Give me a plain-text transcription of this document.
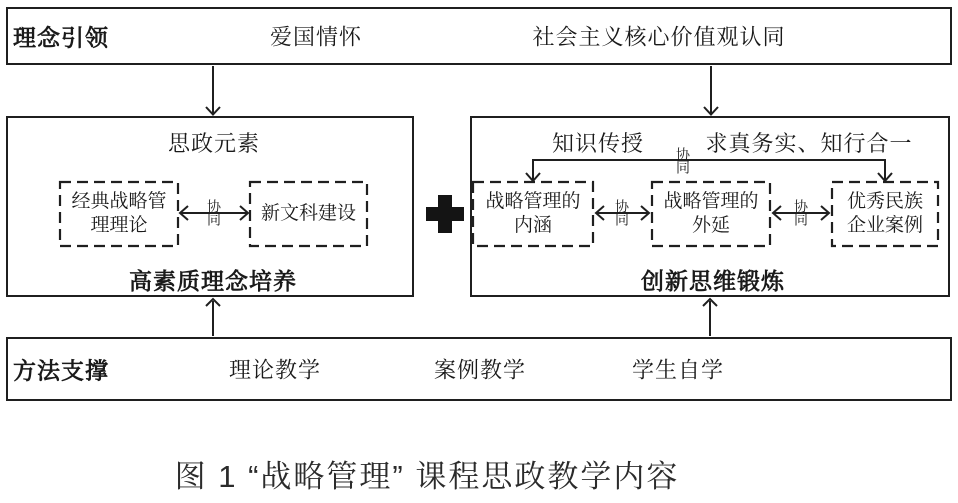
理念引领	爱国情怀	社会主义核心价值观认同
思政元素
高素质理念培养
经典战略管
理理论
新文科建设
协同
知识传授	求真务实、知行合一
创新思维锻炼
战略管理的
内涵
战略管理的
外延
优秀民族
企业案例
协同
协同
协同
方法支撑	理论教学	案例教学	学生自学
图 1 “战略管理” 课程思政教学内容
